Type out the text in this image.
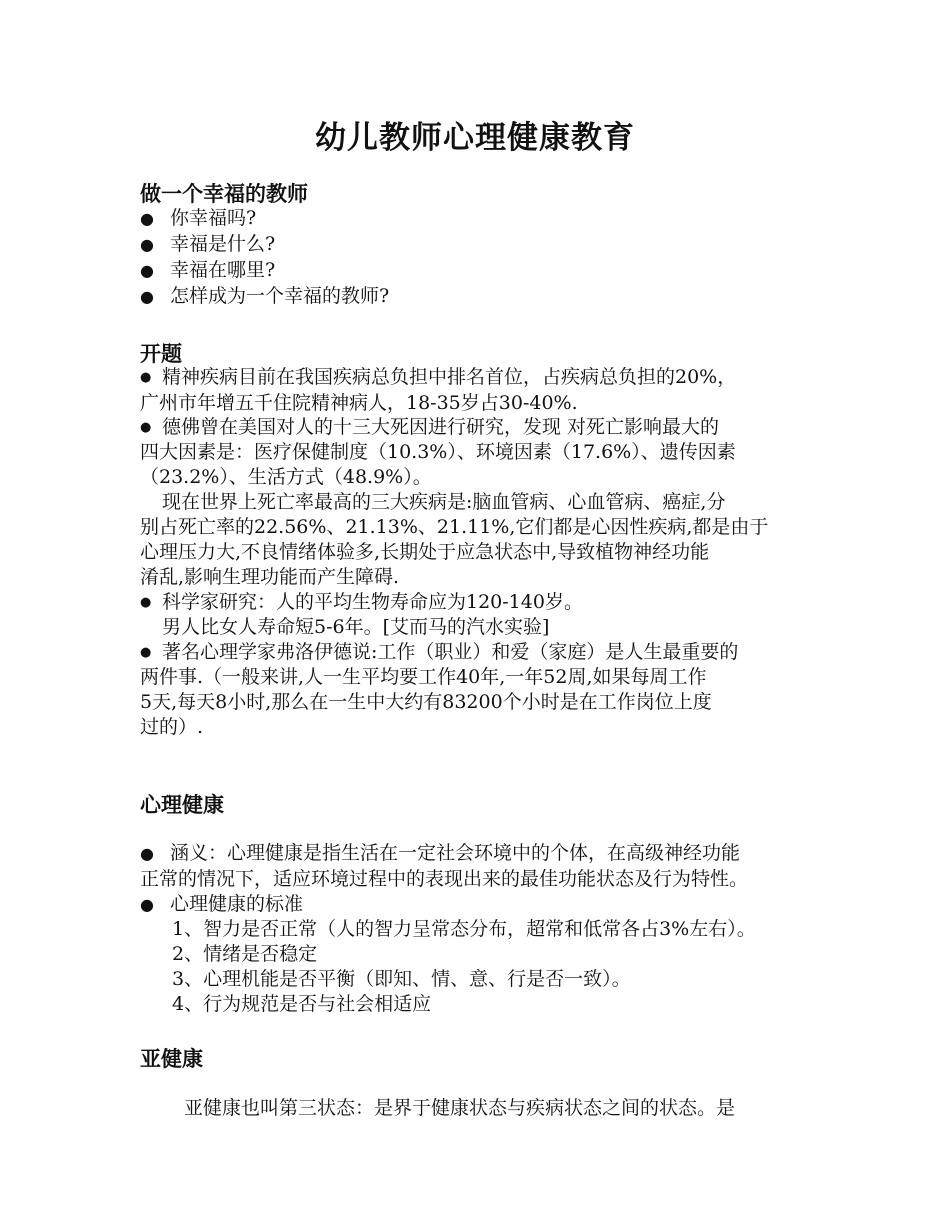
幼儿教师心理健康教育
做一个幸福的教师
● 你幸福吗?
● 幸福是什么?
● 幸福在哪里?
● 怎样成为一个幸福的教师?
开题
● 精神疾病目前在我国疾病总负担中排名首位，占疾病总负担的20%，
广州市年增五千住院精神病人，18-35岁占30-40%.
● 德佛曾在美国对人的十三大死因进行研究，发现 对死亡影响最大的
四大因素是：医疗保健制度（10.3%）、环境因素（17.6%）、遗传因素
（23.2%）、生活方式（48.9%）。
现在世界上死亡率最高的三大疾病是:脑血管病、心血管病、癌症,分
别占死亡率的22.56%、21.13%、21.11%,它们都是心因性疾病,都是由于
心理压力大,不良情绪体验多,长期处于应急状态中,导致植物神经功能
淆乱,影响生理功能而产生障碍.
● 科学家研究：人的平均生物寿命应为120-140岁。
男人比女人寿命短5-6年。[艾而马的汽水实验]
● 著名心理学家弗洛伊德说:工作（职业）和爱（家庭）是人生最重要的
两件事.（一般来讲,人一生平均要工作40年,一年52周,如果每周工作
5天,每天8小时,那么在一生中大约有83200个小时是在工作岗位上度
过的）.
心理健康
● 涵义：心理健康是指生活在一定社会环境中的个体，在高级神经功能
正常的情况下，适应环境过程中的表现出来的最佳功能状态及行为特性。
● 心理健康的标准
1、智力是否正常（人的智力呈常态分布，超常和低常各占3%左右）。
2、情绪是否稳定
3、心理机能是否平衡（即知、情、意、行是否一致）。
4、行为规范是否与社会相适应
亚健康
亚健康也叫第三状态：是界于健康状态与疾病状态之间的状态。是
